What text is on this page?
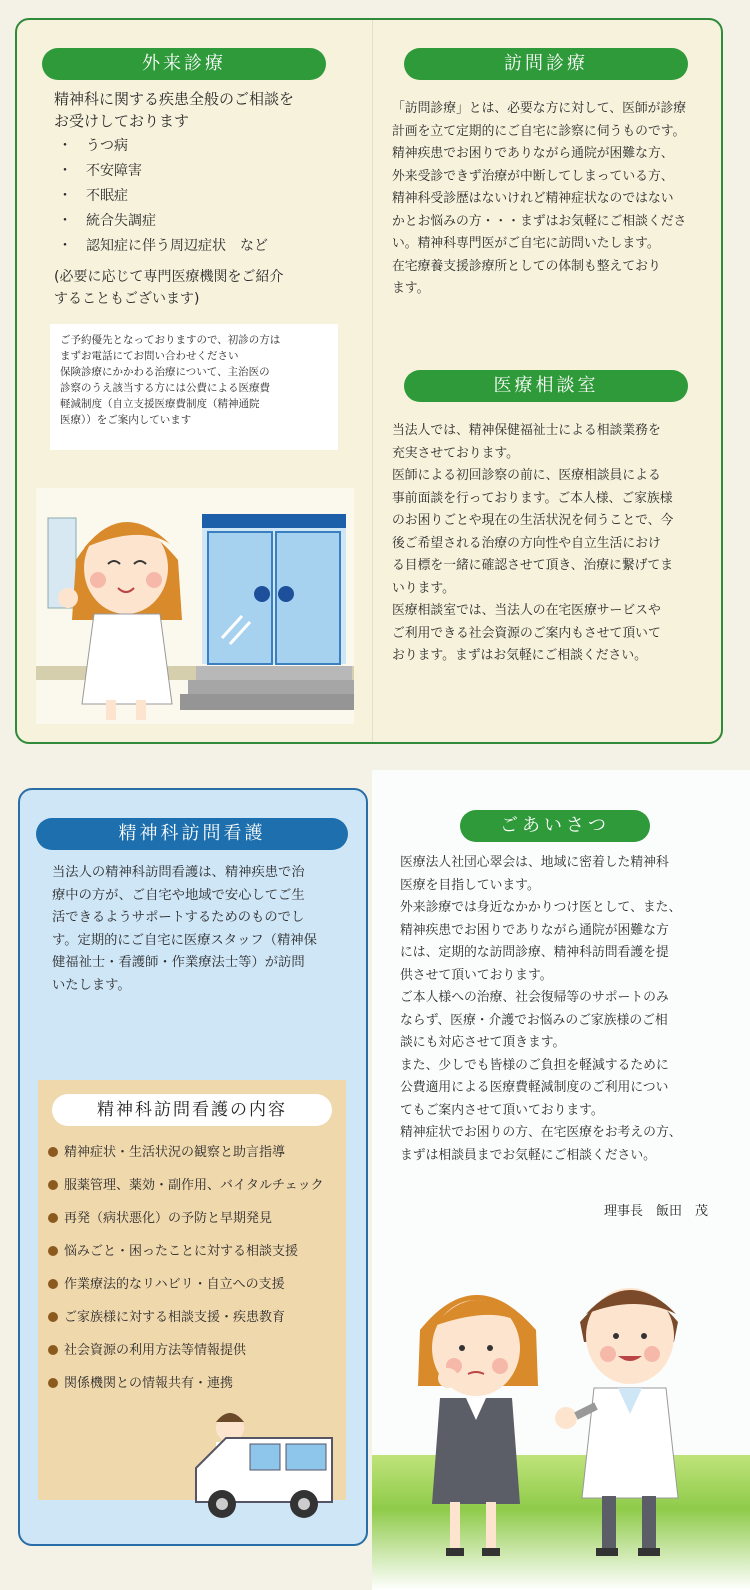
外来診療

精神科に関する疾患全般のご相談を

お受けしております

・　うつ病
・　不安障害
・　不眠症
・　統合失調症
・　認知症に伴う周辺症状　など

(必要に応じて専門医療機関をご紹介

することもございます)

ご予約優先となっておりますので、初診の方は

まずお電話にてお問い合わせください

保険診療にかかわる治療について、主治医の

診察のうえ該当する方には公費による医療費

軽減制度（自立支援医療費制度（精神通院

医療））をご案内しています

訪問診療

「訪問診療」とは、必要な方に対して、医師が診療

計画を立て定期的にご自宅に診察に伺うものです。

精神疾患でお困りでありながら通院が困難な方、

外来受診できず治療が中断してしまっている方、

精神科受診歴はないけれど精神症状なのではない

かとお悩みの方・・・まずはお気軽にご相談くださ

い。精神科専門医がご自宅に訪問いたします。

在宅療養支援診療所としての体制も整えており

ます。

医療相談室

当法人では、精神保健福祉士による相談業務を

充実させております。

医師による初回診察の前に、医療相談員による

事前面談を行っております。ご本人様、ご家族様

のお困りごとや現在の生活状況を伺うことで、今

後ご希望される治療の方向性や自立生活におけ

る目標を一緒に確認させて頂き、治療に繋げてま

いります。

医療相談室では、当法人の在宅医療サービスや

ご利用できる社会資源のご案内もさせて頂いて

おります。まずはお気軽にご相談ください。

精神科訪問看護

当法人の精神科訪問看護は、精神疾患で治

療中の方が、ご自宅や地域で安心してご生

活できるようサポートするためのものでし

す。定期的にご自宅に医療スタッフ（精神保

健福祉士・看護師・作業療法士等）が訪問

いたします。

精神科訪問看護の内容
精神症状・生活状況の観察と助言指導
服薬管理、薬効・副作用、バイタルチェック
再発（病状悪化）の予防と早期発見
悩みごと・困ったことに対する相談支援
作業療法的なリハビリ・自立への支援
ご家族様に対する相談支援・疾患教育
社会資源の利用方法等情報提供
関係機関との情報共有・連携
ごあいさつ

医療法人社団心翠会は、地域に密着した精神科

医療を目指しています。

外来診療では身近なかかりつけ医として、また、

精神疾患でお困りでありながら通院が困難な方

には、定期的な訪問診療、精神科訪問看護を提

供させて頂いております。

ご本人様への治療、社会復帰等のサポートのみ

ならず、医療・介護でお悩みのご家族様のご相

談にも対応させて頂きます。

また、少しでも皆様のご負担を軽減するために

公費適用による医療費軽減制度のご利用につい

てもご案内させて頂いております。

精神症状でお困りの方、在宅医療をお考えの方、

まずは相談員までお気軽にご相談ください。

理事長　飯田　茂
